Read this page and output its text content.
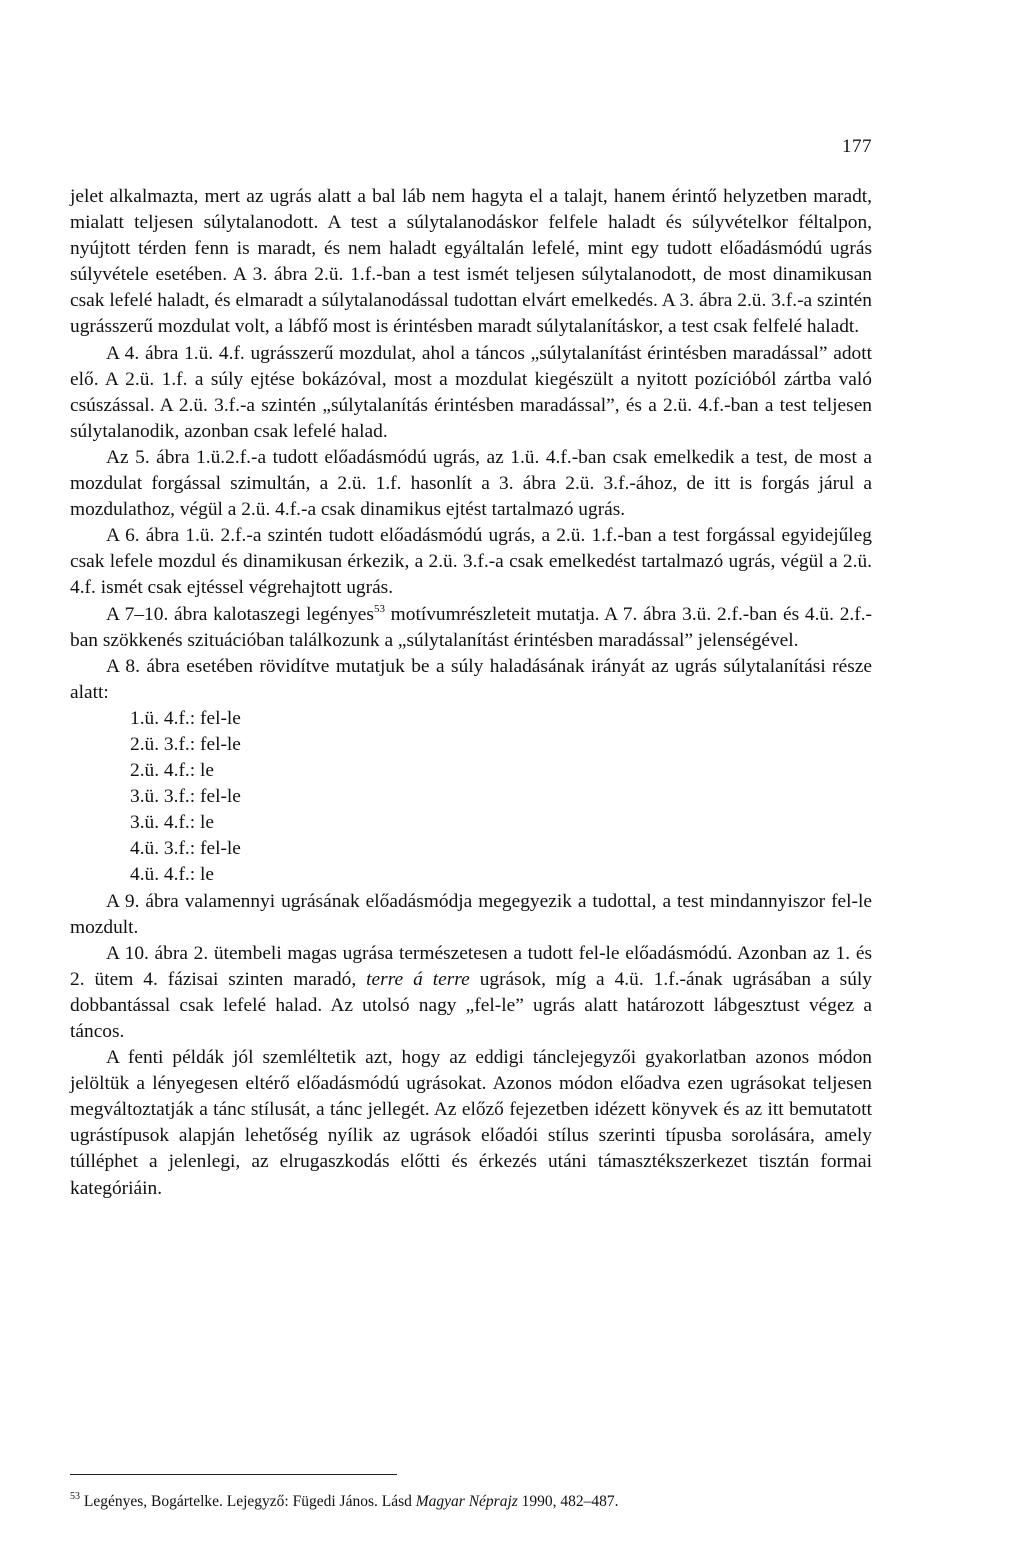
177

jelet alkalmazta, mert az ugrás alatt a bal láb nem hagyta el a talajt, hanem érintő helyzetben maradt, mialatt teljesen súlytalanodott. A test a súlytalanodáskor felfele haladt és súlyvételkor féltalpon, nyújtott térden fenn is maradt, és nem haladt egyáltalán lefelé, mint egy tudott előadásmódú ugrás súlyvétele esetében. A 3. ábra 2.ü. 1.f.-ban a test ismét teljesen súlytalanodott, de most dinamikusan csak lefelé haladt, és elmaradt a súlytalanodással tudottan elvárt emelkedés. A 3. ábra 2.ü. 3.f.-a szintén ugrásszerű mozdulat volt, a lábfő most is érintésben maradt súlytalanításkor, a test csak felfelé haladt.

A 4. ábra 1.ü. 4.f. ugrásszerű mozdulat, ahol a táncos „súlytalanítást érintésben maradással” adott elő. A 2.ü. 1.f. a súly ejtése bokázóval, most a mozdulat kiegészült a nyitott pozícióból zártba való csúszással. A 2.ü. 3.f.-a szintén „súlytalanítás érintésben maradással”, és a 2.ü. 4.f.-ban a test teljesen súlytalanodik, azonban csak lefelé halad.

Az 5. ábra 1.ü.2.f.-a tudott előadásmódú ugrás, az 1.ü. 4.f.-ban csak emelkedik a test, de most a mozdulat forgással szimultán, a 2.ü. 1.f. hasonlít a 3. ábra 2.ü. 3.f.-ához, de itt is forgás járul a mozdulathoz, végül a 2.ü. 4.f.-a csak dinamikus ejtést tartalmazó ugrás.

A 6. ábra 1.ü. 2.f.-a szintén tudott előadásmódú ugrás, a 2.ü. 1.f.-ban a test forgással egyidejűleg csak lefele mozdul és dinamikusan érkezik, a 2.ü. 3.f.-a csak emelkedést tartalmazó ugrás, végül a 2.ü. 4.f. ismét csak ejtéssel végrehajtott ugrás.

A 7–10. ábra kalotaszegi legényes$^{53}$ motívumrészleteit mutatja. A 7. ábra 3.ü. 2.f.-ban és 4.ü. 2.f.-ban szökkenés szituációban találkozunk a „súlytalanítást érintésben maradással” jelenségével.

A 8. ábra esetében rövidítve mutatjuk be a súly haladásának irányát az ugrás súlytalanítási része alatt:

1.ü. 4.f.: fel-le
2.ü. 3.f.: fel-le
2.ü. 4.f.: le
3.ü. 3.f.: fel-le
3.ü. 4.f.: le
4.ü. 3.f.: fel-le
4.ü. 4.f.: le

A 9. ábra valamennyi ugrásának előadásmódja megegyezik a tudottal, a test mindannyiszor fel-le mozdult.

A 10. ábra 2. ütembeli magas ugrása természetesen a tudott fel-le előadásmódú. Azonban az 1. és 2. ütem 4. fázisai szinten maradó, terre á terre ugrások, míg a 4.ü. 1.f.-ának ugrásában a súly dobbantással csak lefelé halad. Az utolsó nagy „fel-le” ugrás alatt határozott lábgesztust végez a táncos.

A fenti példák jól szemléltetik azt, hogy az eddigi tánclejegyzői gyakorlatban azonos módon jelöltük a lényegesen eltérő előadásmódú ugrásokat. Azonos módon előadva ezen ugrásokat teljesen megváltoztatják a tánc stílusát, a tánc jellegét. Az előző fejezetben idézett könyvek és az itt bemutatott ugrástípusok alapján lehetőség nyílik az ugrások előadói stílus szerinti típusba sorolására, amely túlléphet a jelenlegi, az elrugaszkodás előtti és érkezés utáni támasztékszerkezet tisztán formai kategóriáin.

$^{53}$ Legényes, Bogártelke. Lejegyző: Fügedi János. Lásd Magyar Néprajz 1990, 482–487.
